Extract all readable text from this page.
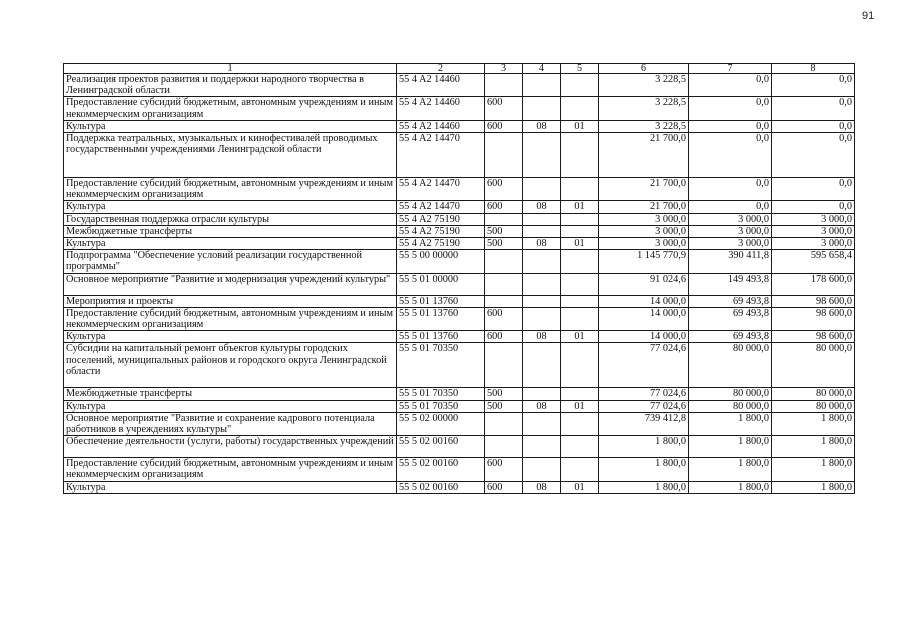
91
1	2	3	4	5	6	7	8
Реализация проектов развития и поддержки народного творчества в Ленинградской области	55 4 A2 14460				3 228,5	0,0	0,0
Предоставление субсидий бюджетным, автономным учреждениям и иным некоммерческим организациям	55 4 A2 14460	600			3 228,5	0,0	0,0
Культура	55 4 A2 14460	600	08	01	3 228,5	0,0	0,0
Поддержка театральных, музыкальных и кинофестивалей проводимых государственными учреждениями Ленинградской области	55 4 A2 14470				21 700,0	0,0	0,0
Предоставление субсидий бюджетным, автономным учреждениям и иным некоммерческим организациям	55 4 A2 14470	600			21 700,0	0,0	0,0
Культура	55 4 A2 14470	600	08	01	21 700,0	0,0	0,0
Государственная поддержка отрасли культуры	55 4 A2 75190				3 000,0	3 000,0	3 000,0
Межбюджетные трансферты	55 4 A2 75190	500			3 000,0	3 000,0	3 000,0
Культура	55 4 A2 75190	500	08	01	3 000,0	3 000,0	3 000,0
Подпрограмма "Обеспечение условий реализации государственной программы"	55 5 00 00000				1 145 770,9	390 411,8	595 658,4
Основное мероприятие "Развитие и модернизация учреждений культуры"	55 5 01 00000				91 024,6	149 493,8	178 600,0
Мероприятия и проекты	55 5 01 13760				14 000,0	69 493,8	98 600,0
Предоставление субсидий бюджетным, автономным учреждениям и иным некоммерческим организациям	55 5 01 13760	600			14 000,0	69 493,8	98 600,0
Культура	55 5 01 13760	600	08	01	14 000,0	69 493,8	98 600,0
Субсидии на капитальный ремонт объектов культуры городских поселений, муниципальных районов и городского округа Ленинградской области	55 5 01 70350				77 024,6	80 000,0	80 000,0
Межбюджетные трансферты	55 5 01 70350	500			77 024,6	80 000,0	80 000,0
Культура	55 5 01 70350	500	08	01	77 024,6	80 000,0	80 000,0
Основное мероприятие "Развитие и сохранение кадрового потенциала работников в учреждениях культуры"	55 5 02 00000				739 412,8	1 800,0	1 800,0
Обеспечение деятельности (услуги, работы) государственных учреждений	55 5 02 00160				1 800,0	1 800,0	1 800,0
Предоставление субсидий бюджетным, автономным учреждениям и иным некоммерческим организациям	55 5 02 00160	600			1 800,0	1 800,0	1 800,0
Культура	55 5 02 00160	600	08	01	1 800,0	1 800,0	1 800,0
